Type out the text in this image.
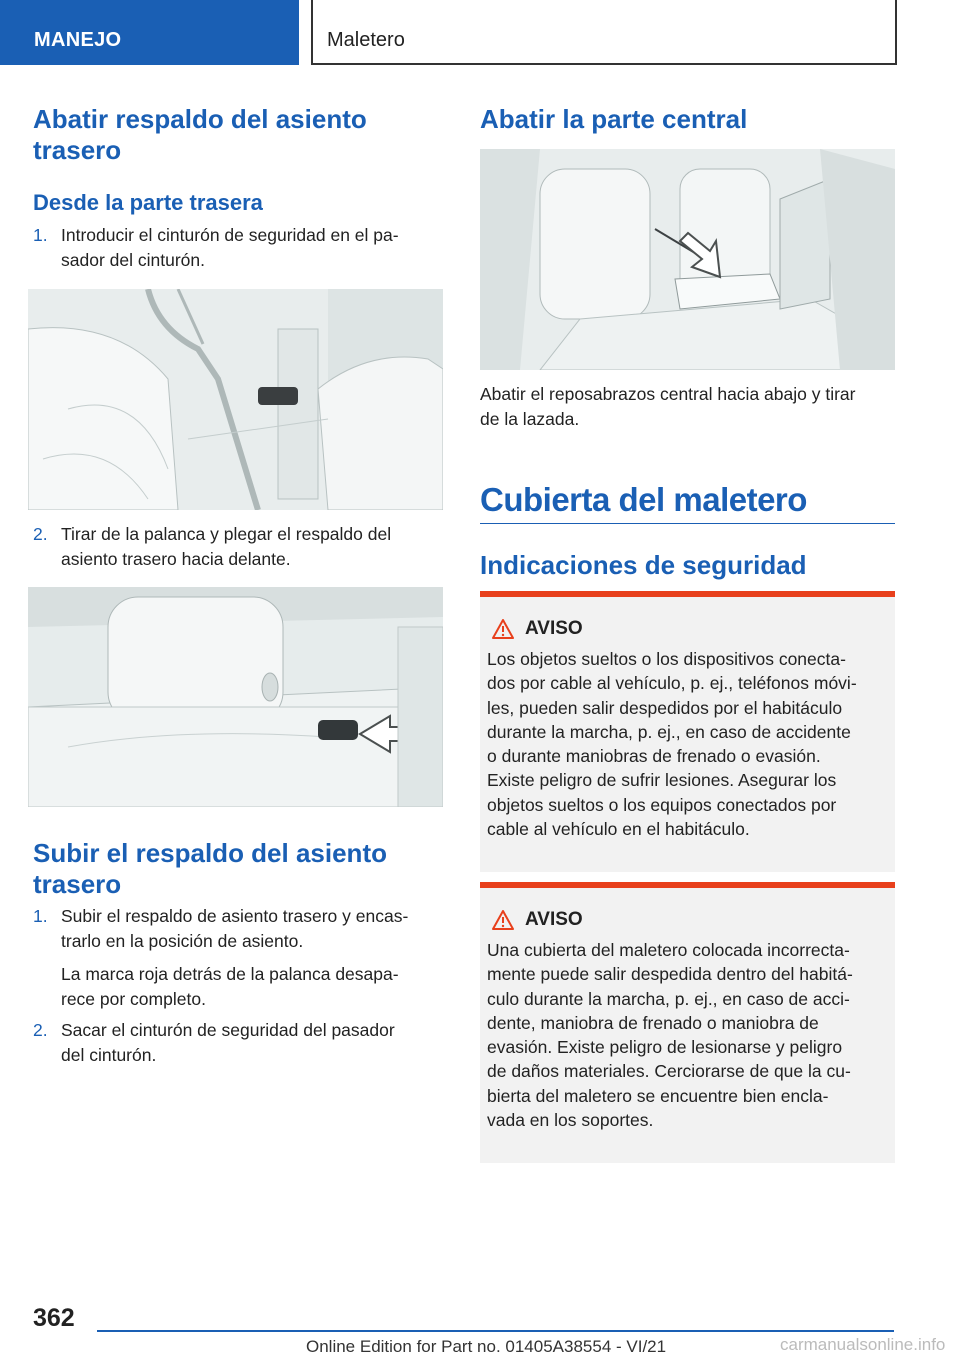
MANEJO	Maletero
Abatir respaldo del asiento
trasero
Desde la parte trasera
1. Introducir el cinturón de seguridad en el pa‐
sador del cinturón.
2. Tirar de la palanca y plegar el respaldo del
asiento trasero hacia delante.
Subir el respaldo del asiento
trasero
1. Subir el respaldo de asiento trasero y encas‐
trarlo en la posición de asiento.
La marca roja detrás de la palanca desapa‐
rece por completo.
2. Sacar el cinturón de seguridad del pasador
del cinturón.
Abatir la parte central
Abatir el reposabrazos central hacia abajo y tirar
de la lazada.
Cubierta del maletero
Indicaciones de seguridad
AVISO
Los objetos sueltos o los dispositivos conecta‐
dos por cable al vehículo, p. ej., teléfonos móvi‐
les, pueden salir despedidos por el habitáculo
durante la marcha, p. ej., en caso de accidente
o durante maniobras de frenado o evasión.
Existe peligro de sufrir lesiones. Asegurar los
objetos sueltos o los equipos conectados por
cable al vehículo en el habitáculo.
AVISO
Una cubierta del maletero colocada incorrecta‐
mente puede salir despedida dentro del habitá‐
culo durante la marcha, p. ej., en caso de acci‐
dente, maniobra de frenado o maniobra de
evasión. Existe peligro de lesionarse y peligro
de daños materiales. Cerciorarse de que la cu‐
bierta del maletero se encuentre bien encla‐
vada en los soportes.
362
Online Edition for Part no. 01405A38554 - VI/21	carmanualsonline.info
